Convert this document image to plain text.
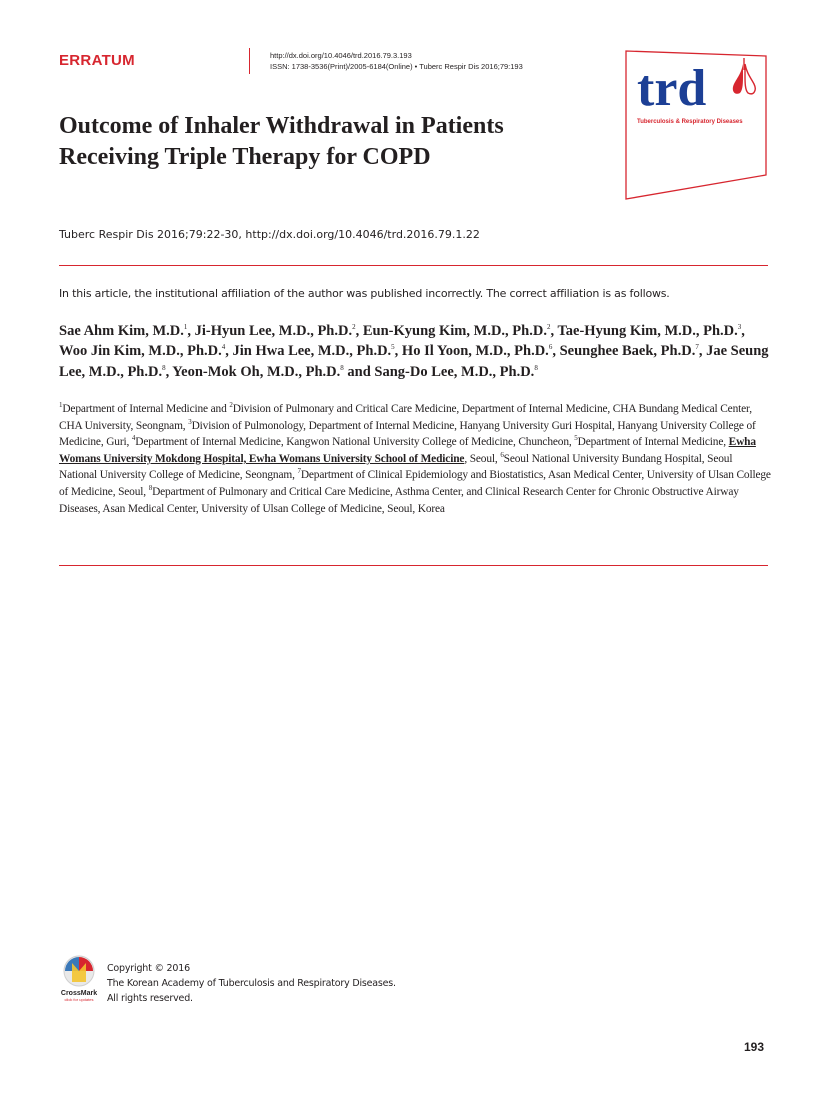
ERRATUM	http://dx.doi.org/10.4046/trd.2016.79.3.193
ISSN: 1738-3536(Print)/2005-6184(Online) • Tuberc Respir Dis 2016;79:193 trd
Tuberculosis & Respiratory Diseases
Outcome of Inhaler Withdrawal in Patients
Receiving Triple Therapy for COPD
Tuberc Respir Dis 2016;79:22-30, http://dx.doi.org/10.4046/trd.2016.79.1.22
In this article, the institutional affiliation of the author was published incorrectly. The correct affiliation is as follows.
Sae Ahm Kim, M.D.$^1$, Ji-Hyun Lee, M.D., Ph.D.$^2$, Eun-Kyung Kim, M.D., Ph.D.$^2$, Tae-Hyung Kim, M.D., Ph.D.$^3$, Woo Jin Kim, M.D., Ph.D.$^4$, Jin Hwa Lee, M.D., Ph.D.$^5$, Ho Il Yoon, M.D., Ph.D.$^6$, Seunghee Baek, Ph.D.$^7$, Jae Seung Lee, M.D., Ph.D.$^8$, Yeon-Mok Oh, M.D., Ph.D.$^8$ and Sang-Do Lee, M.D., Ph.D.$^8$
$^1$Department of Internal Medicine and $^2$Division of Pulmonary and Critical Care Medicine, Department of Internal Medicine, CHA Bundang Medical Center, CHA University, Seongnam, $^3$Division of Pulmonology, Department of Internal Medicine, Hanyang University Guri Hospital, Hanyang University College of Medicine, Guri, $^4$Department of Internal Medicine, Kangwon National University College of Medicine, Chuncheon, $^5$Department of Internal Medicine, Ewha Womans University Mokdong Hospital, Ewha Womans University School of Medicine, Seoul, $^6$Seoul National University Bundang Hospital, Seoul National University College of Medicine, Seongnam, $^7$Department of Clinical Epidemiology and Biostatistics, Asan Medical Center, University of Ulsan College of Medicine, Seoul, $^8$Department of Pulmonary and Critical Care Medicine, Asthma Center, and Clinical Research Center for Chronic Obstructive Airway Diseases, Asan Medical Center, University of Ulsan College of Medicine, Seoul, Korea
CrossMark
click for updates
Copyright © 2016
The Korean Academy of Tuberculosis and Respiratory Diseases.
All rights reserved.
193
